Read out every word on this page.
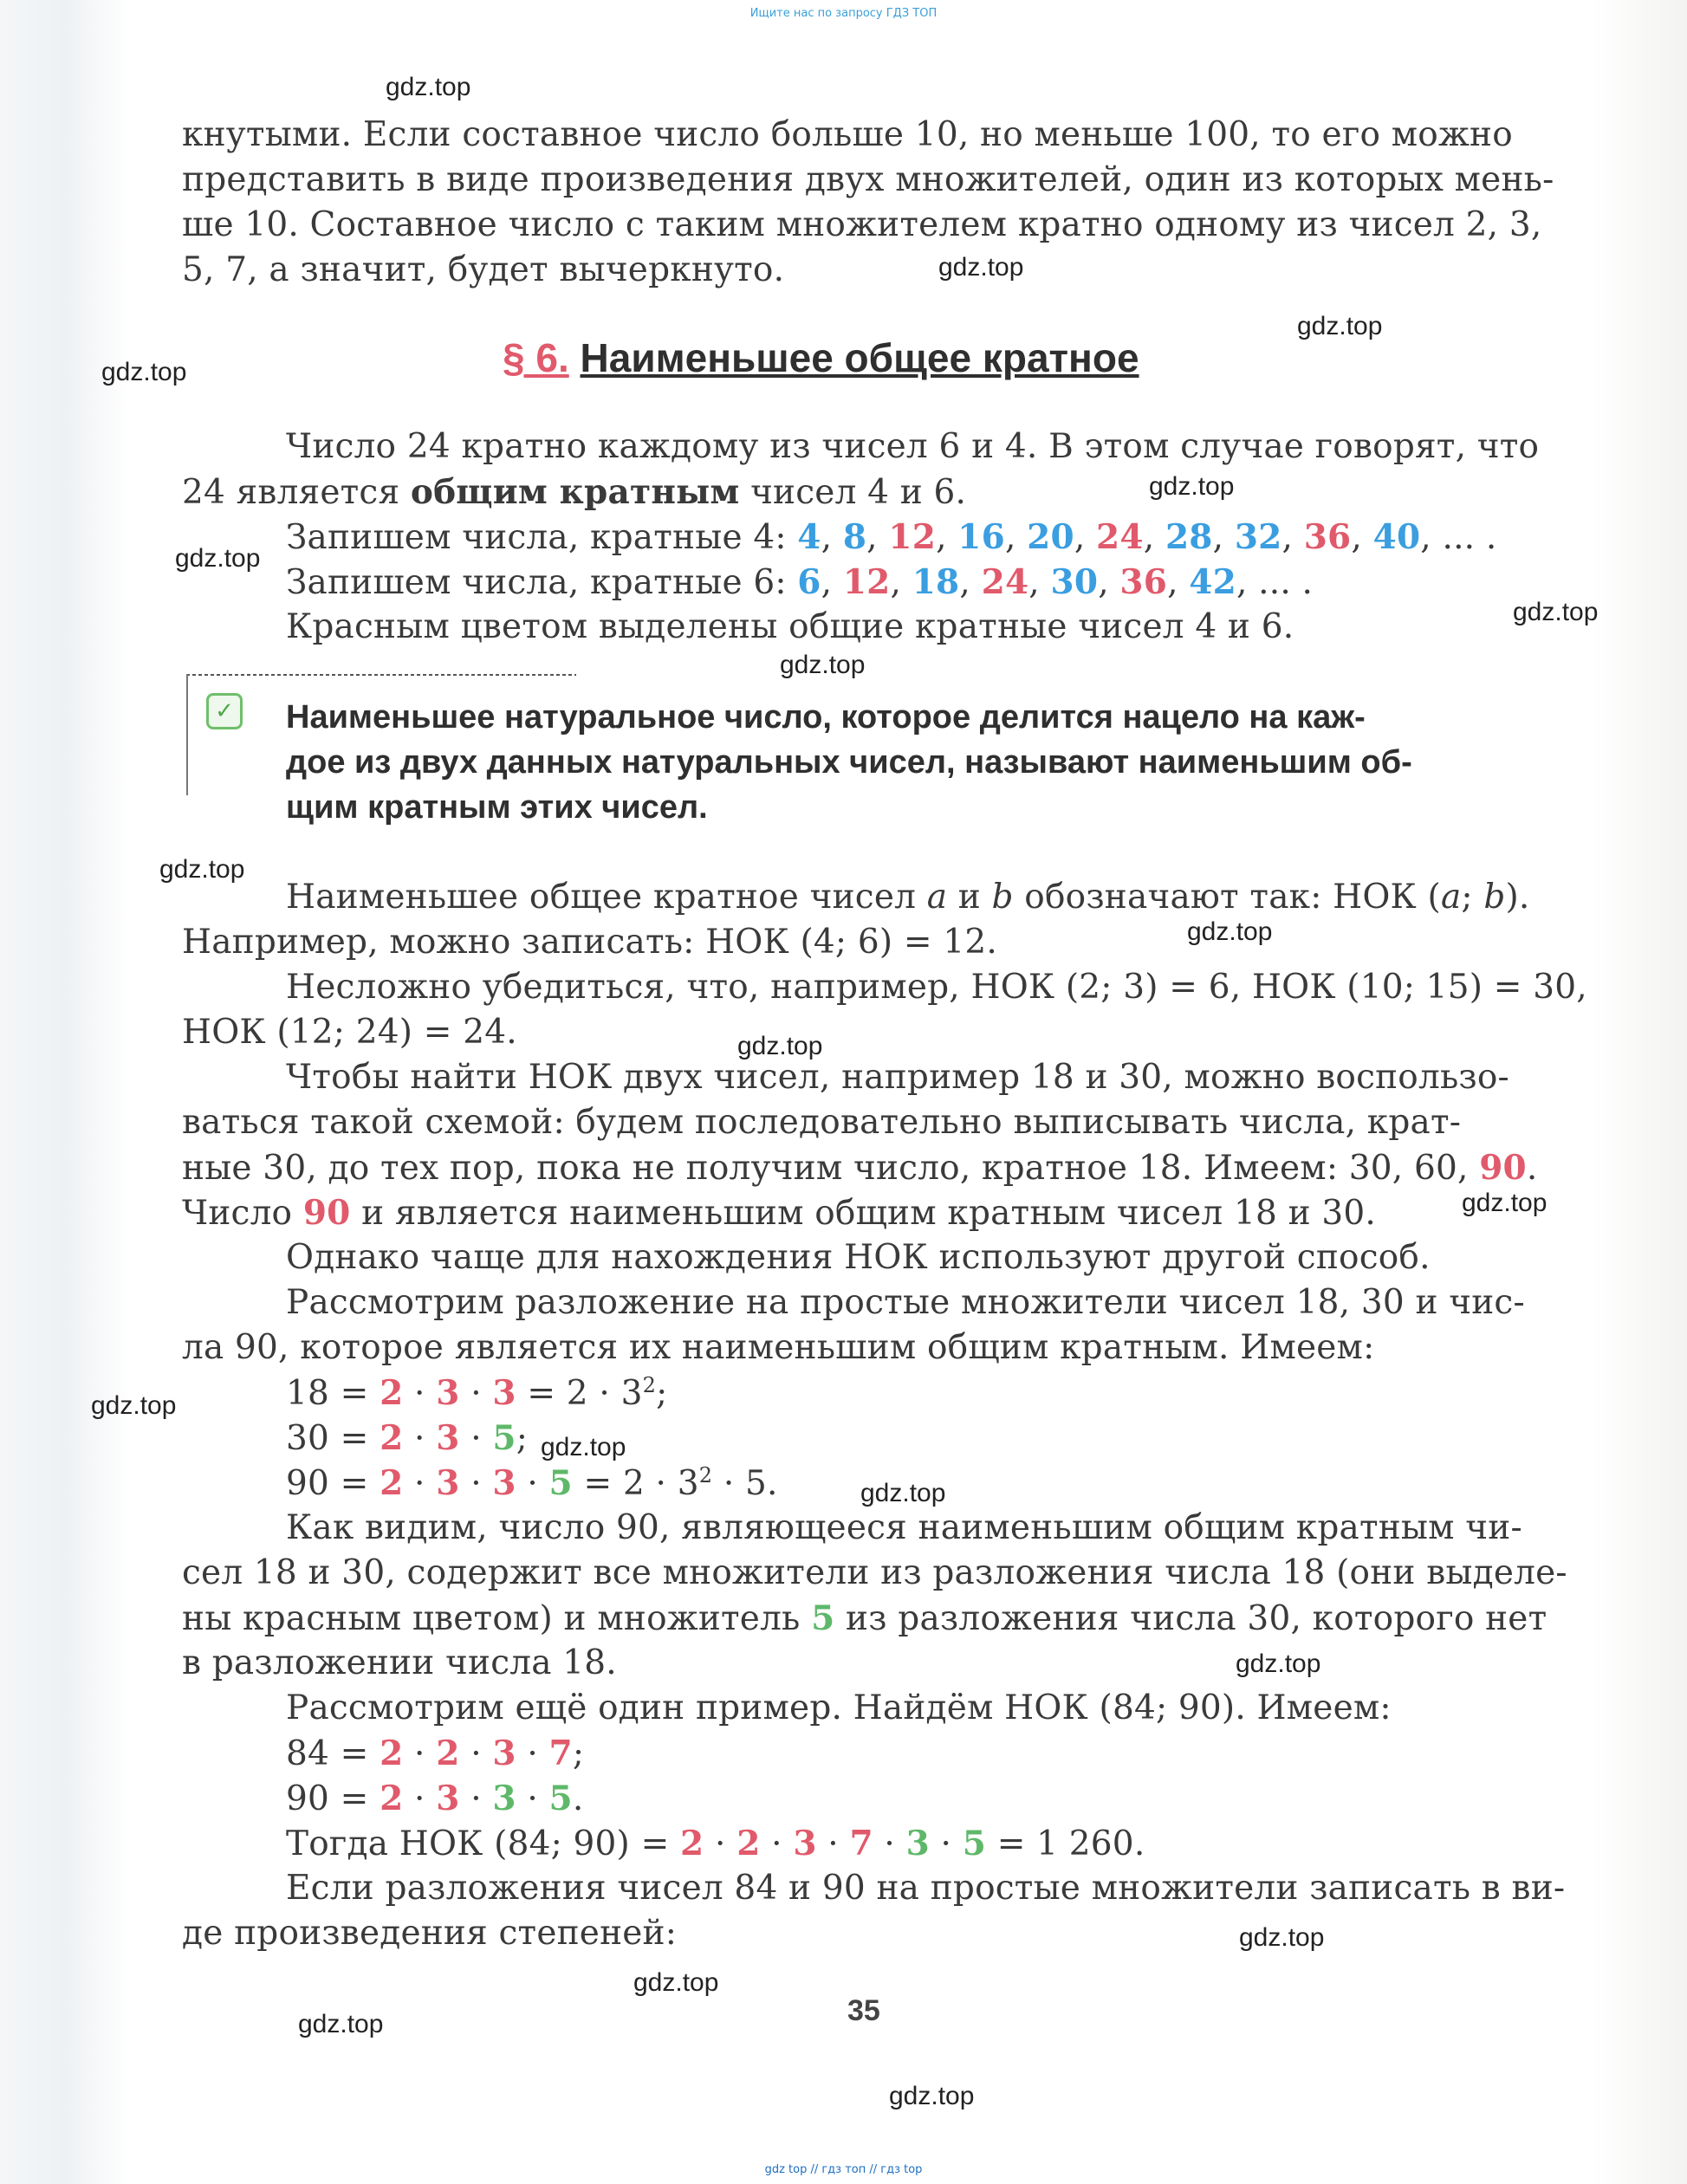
Ищите нас по запросу ГДЗ ТОП
кнутыми. Если составное число больше 10, но меньше 100, то его можно
представить в виде произведения двух множителей, один из которых мень-
ше 10. Составное число с таким множителем кратно одному из чисел 2, 3,
5, 7, а значит, будет вычеркнуто.
§ 6. Наименьшее общее кратное
Число 24 кратно каждому из чисел 6 и 4. В этом случае говорят, что
24 является общим кратным чисел 4 и 6.
Запишем числа, кратные 4: 4, 8, 12, 16, 20, 24, 28, 32, 36, 40, ... .
Запишем числа, кратные 6: 6, 12, 18, 24, 30, 36, 42, ... .
Красным цветом выделены общие кратные чисел 4 и 6.
✓ Наименьшее натуральное число, которое делится нацело на каж-
дое из двух данных натуральных чисел, называют наименьшим об-
щим кратным этих чисел.
Наименьшее общее кратное чисел a и b обозначают так: НОК (a; b).
Например, можно записать: НОК (4; 6) = 12.
Несложно убедиться, что, например, НОК (2; 3) = 6, НОК (10; 15) = 30,
НОК (12; 24) = 24.
Чтобы найти НОК двух чисел, например 18 и 30, можно воспользо-
ваться такой схемой: будем последовательно выписывать числа, крат-
ные 30, до тех пор, пока не получим число, кратное 18. Имеем: 30, 60, 90.
Число 90 и является наименьшим общим кратным чисел 18 и 30.
Однако чаще для нахождения НОК используют другой способ.
Рассмотрим разложение на простые множители чисел 18, 30 и чис-
ла 90, которое является их наименьшим общим кратным. Имеем:
$18 = 2 \cdot 3 \cdot 3 = 2 \cdot 3^2$;
30 = 2 · 3 · 5;
$90 = 2 \cdot 3 \cdot 3 \cdot 5 = 2 \cdot 3^2 \cdot 5$.
Как видим, число 90, являющееся наименьшим общим кратным чи-
сел 18 и 30, содержит все множители из разложения числа 18 (они выделе-
ны красным цветом) и множитель 5 из разложения числа 30, которого нет
в разложении числа 18.
Рассмотрим ещё один пример. Найдём НОК (84; 90). Имеем:
84 = 2 · 2 · 3 · 7;
90 = 2 · 3 · 3 · 5.
Тогда НОК (84; 90) = 2 · 2 · 3 · 7 · 3 · 5 = 1 260.
Если разложения чисел 84 и 90 на простые множители записать в ви-
де произведения степеней:
35
gdz.top
gdz.top
gdz.top
gdz.top
gdz.top
gdz.top
gdz.top
gdz.top
gdz.top
gdz.top
gdz.top
gdz.top
gdz.top
gdz.top
gdz.top
gdz.top
gdz.top
gdz.top
gdz.top
gdz.top
gdz top // гдз топ // гдз top
